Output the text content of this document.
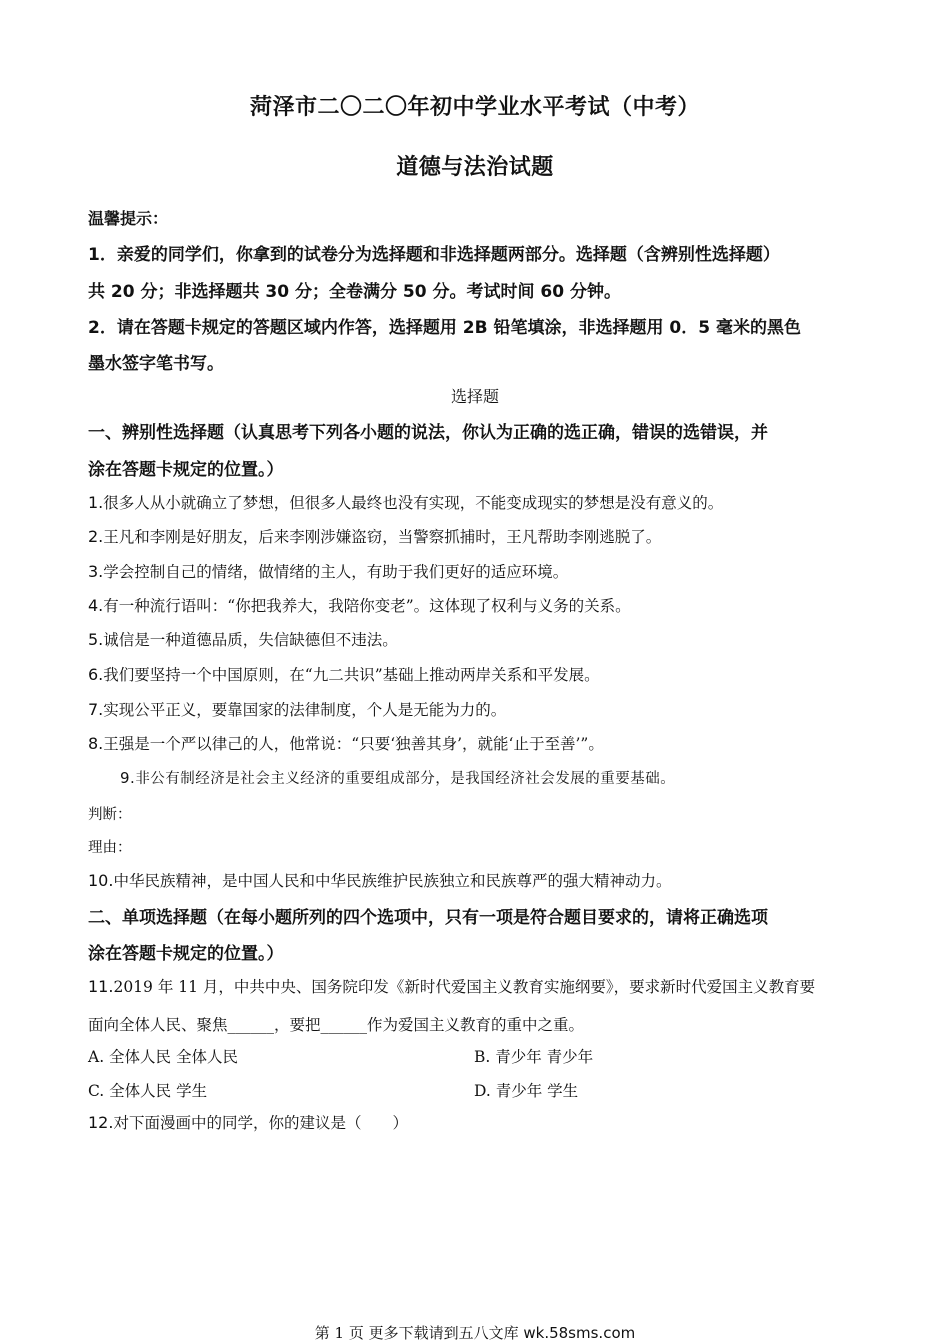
菏泽市二〇二〇年初中学业水平考试（中考）
道德与法治试题
温馨提示：
1．亲爱的同学们，你拿到的试卷分为选择题和非选择题两部分。选择题（含辨别性选择题）
共 20 分；非选择题共 30 分；全卷满分 50 分。考试时间 60 分钟。
2．请在答题卡规定的答题区域内作答，选择题用 2B 铅笔填涂，非选择题用 0．5 毫米的黑色
墨水签字笔书写。
选择题
一、辨别性选择题（认真思考下列各小题的说法，你认为正确的选正确，错误的选错误，并
涂在答题卡规定的位置。）
1.很多人从小就确立了梦想，但很多人最终也没有实现，不能变成现实的梦想是没有意义的。
2.王凡和李刚是好朋友，后来李刚涉嫌盗窃，当警察抓捕时，王凡帮助李刚逃脱了。
3.学会控制自己的情绪，做情绪的主人，有助于我们更好的适应环境。
4.有一种流行语叫：“你把我养大，我陪你变老”。这体现了权利与义务的关系。
5.诚信是一种道德品质，失信缺德但不违法。
6.我们要坚持一个中国原则，在“九二共识”基础上推动两岸关系和平发展。
7.实现公平正义，要靠国家的法律制度，个人是无能为力的。
8.王强是一个严以律己的人，他常说：“只要‘独善其身’，就能‘止于至善’”。
9.非公有制经济是社会主义经济的重要组成部分，是我国经济社会发展的重要基础。
判断：
理由：
10.中华民族精神，是中国人民和中华民族维护民族独立和民族尊严的强大精神动力。
二、单项选择题（在每小题所列的四个选项中，只有一项是符合题目要求的，请将正确选项
涂在答题卡规定的位置。）
11.2019 年 11 月，中共中央、国务院印发《新时代爱国主义教育实施纲要》，要求新时代爱国主义教育要
面向全体人民、聚焦______，要把______作为爱国主义教育的重中之重。
A. 全体人民 全体人民	B. 青少年 青少年
C. 全体人民 学生	D. 青少年 学生
12.对下面漫画中的同学，你的建议是（　　）
第 1 页 更多下载请到五八文库 wk.58sms.com
